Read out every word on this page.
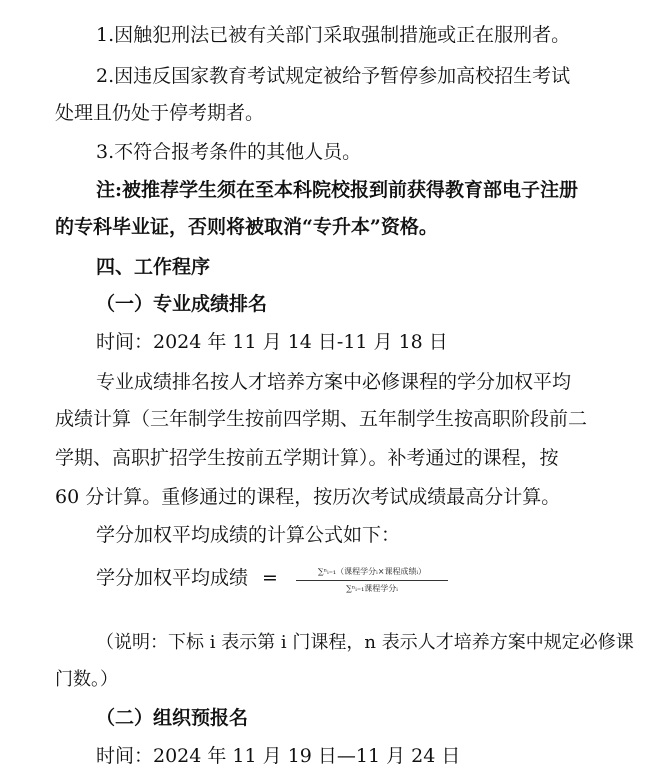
1.因触犯刑法已被有关部门采取强制措施或正在服刑者。
2.因违反国家教育考试规定被给予暂停参加高校招生考试
处理且仍处于停考期者。
3.不符合报考条件的其他人员。
注:被推荐学生须在至本科院校报到前获得教育部电子注册
的专科毕业证，否则将被取消“专升本”资格。
四、工作程序
（一）专业成绩排名
时间：2024 年 11 月 14 日-11 月 18 日
专业成绩排名按人才培养方案中必修课程的学分加权平均
成绩计算（三年制学生按前四学期、五年制学生按高职阶段前二
学期、高职扩招学生按前五学期计算）。补考通过的课程，按
60 分计算。重修通过的课程，按历次考试成绩最高分计算。
学分加权平均成绩的计算公式如下：
学分加权平均成绩 =	∑ⁿᵢ₌₁（课程学分ᵢ×课程成绩ᵢ）
∑ⁿᵢ₌₁课程学分ᵢ
（说明：下标 i 表示第 i 门课程，n 表示人才培养方案中规定必修课
门数。）
（二）组织预报名
时间：2024 年 11 月 19 日—11 月 24 日
